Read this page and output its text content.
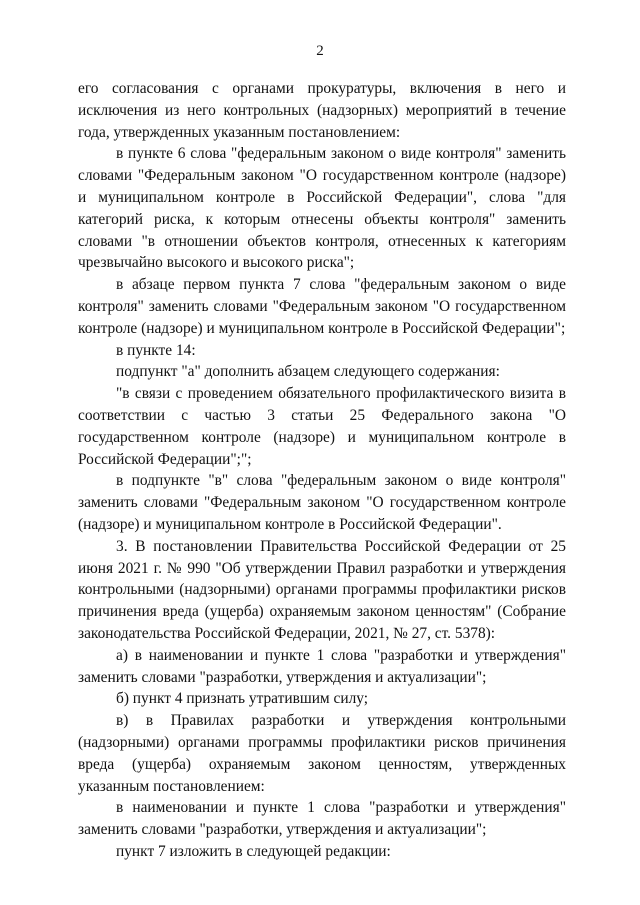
2

его согласования с органами прокуратуры, включения в него и исключения из него контрольных (надзорных) мероприятий в течение года, утвержденных указанным постановлением:

в пункте 6 слова "федеральным законом о виде контроля" заменить словами "Федеральным законом "О государственном контроле (надзоре) и муниципальном контроле в Российской Федерации", слова "для категорий риска, к которым отнесены объекты контроля" заменить словами "в отношении объектов контроля, отнесенных к категориям чрезвычайно высокого и высокого риска";

в абзаце первом пункта 7 слова "федеральным законом о виде контроля" заменить словами "Федеральным законом "О государственном контроле (надзоре) и муниципальном контроле в Российской Федерации";

в пункте 14:

подпункт "а" дополнить абзацем следующего содержания:

"в связи с проведением обязательного профилактического визита в соответствии с частью 3 статьи 25 Федерального закона "О государственном контроле (надзоре) и муниципальном контроле в Российской Федерации";";

в подпункте "в" слова "федеральным законом о виде контроля" заменить словами "Федеральным законом "О государственном контроле (надзоре) и муниципальном контроле в Российской Федерации".

3. В постановлении Правительства Российской Федерации от 25 июня 2021 г. № 990 "Об утверждении Правил разработки и утверждения контрольными (надзорными) органами программы профилактики рисков причинения вреда (ущерба) охраняемым законом ценностям" (Собрание законодательства Российской Федерации, 2021, № 27, ст. 5378):

а) в наименовании и пункте 1 слова "разработки и утверждения" заменить словами "разработки, утверждения и актуализации";

б) пункт 4 признать утратившим силу;

в) в Правилах разработки и утверждения контрольными (надзорными) органами программы профилактики рисков причинения вреда (ущерба) охраняемым законом ценностям, утвержденных указанным постановлением:

в наименовании и пункте 1 слова "разработки и утверждения" заменить словами "разработки, утверждения и актуализации";

пункт 7 изложить в следующей редакции:
